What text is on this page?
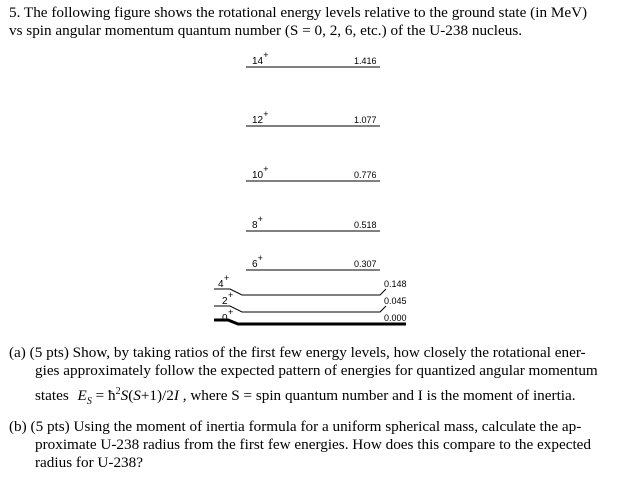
5. The following figure shows the rotational energy levels relative to the ground state (in MeV)
vs spin angular momentum quantum number (S = 0, 2, 6, etc.) of the U-238 nucleus.
14
+
1.416
12
+
1.077
10
+
0.776
8
+
0.518
6
+
0.307
4
+
0.148
2
+
0.045
0
+
0.000
(a) (5 pts) Show, by taking ratios of the first few energy levels, how closely the rotational ener-
gies approximately follow the expected pattern of energies for quantized angular momentum
states $E_S$ = $ħ^2S(S+1)/2I$ , where S = spin quantum number and I is the moment of inertia.
(b) (5 pts) Using the moment of inertia formula for a uniform spherical mass, calculate the ap-
proximate U-238 radius from the first few energies. How does this compare to the expected
radius for U-238?
